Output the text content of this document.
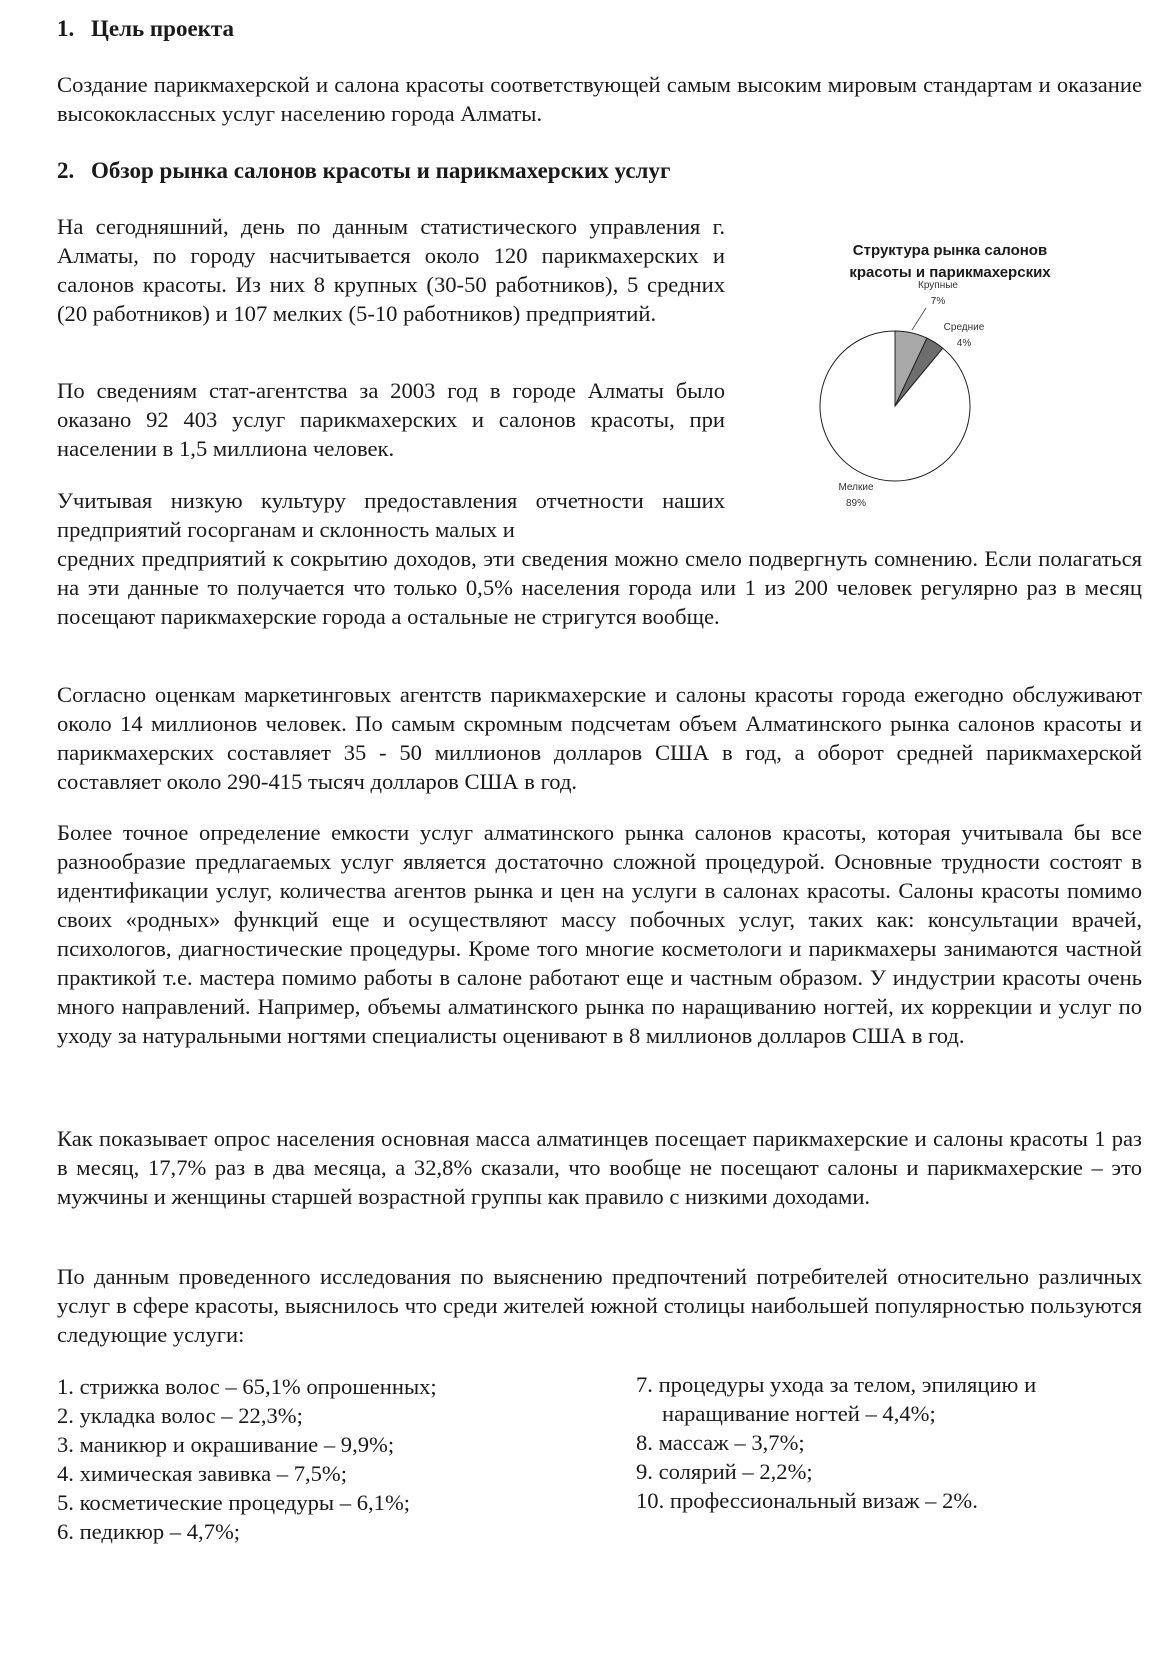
1. Цель проекта

Создание парикмахерской и салона красоты соответствующей самым высоким мировым стандартам и оказание высококлассных услуг населению города Алматы.

2. Обзор рынка салонов красоты и парикмахерских услуг

На сегодняшний, день по данным статистического управления г. Алматы, по городу насчитывается около 120 парикмахерских и салонов красоты. Из них 8 крупных (30-50 работников), 5 средних (20 работников) и 107 мелких (5-10 работников) предприятий.

По сведениям стат-агентства за 2003 год в городе Алматы было оказано 92 403 услуг парикмахерских и салонов красоты, при населении в 1,5 миллиона человек.

Учитывая низкую культуру предоставления отчетности наших предприятий госорганам и склонность малых и

средних предприятий к сокрытию доходов, эти сведения можно смело подвергнуть сомнению. Если полагаться на эти данные то получается что только 0,5% населения города или 1 из 200 человек регулярно раз в месяц посещают парикмахерские города а остальные не стригутся вообще.

Согласно оценкам маркетинговых агентств парикмахерские и салоны красоты города ежегодно обслуживают около 14 миллионов человек. По самым скромным подсчетам объем Алматинского рынка салонов красоты и парикмахерских составляет 35 - 50 миллионов долларов США в год, а оборот средней парикмахерской составляет около 290-415 тысяч долларов США в год.

Более точное определение емкости услуг алматинского рынка салонов красоты, которая учитывала бы все разнообразие предлагаемых услуг является достаточно сложной процедурой. Основные трудности состоят в идентификации услуг, количества агентов рынка и цен на услуги в салонах красоты. Салоны красоты помимо своих «родных» функций еще и осуществляют массу побочных услуг, таких как: консультации врачей, психологов, диагностические процедуры. Кроме того многие косметологи и парикмахеры занимаются частной практикой т.е. мастера помимо работы в салоне работают еще и частным образом. У индустрии красоты очень много направлений. Например, объемы алматинского рынка по наращиванию ногтей, их коррекции и услуг по уходу за натуральными ногтями специалисты оценивают в 8 миллионов долларов США в год.

Как показывает опрос населения основная масса алматинцев посещает парикмахерские и салоны красоты 1 раз в месяц, 17,7% раз в два месяца, а 32,8% сказали, что вообще не посещают салоны и парикмахерские – это мужчины и женщины старшей возрастной группы как правило с низкими доходами.

По данным проведенного исследования по выяснению предпочтений потребителей относительно различных услуг в сфере красоты, выяснилось что среди жителей южной столицы наибольшей популярностью пользуются следующие услуги:

1. стрижка волос – 65,1% опрошенных;
2. укладка волос – 22,3%;
3. маникюр и окрашивание – 9,9%;
4. химическая завивка – 7,5%;
5. косметические процедуры – 6,1%;
6. педикюр – 4,7%;
7. процедуры ухода за телом, эпиляцию и
наращивание ногтей – 4,4%;
8. массаж – 3,7%;
9. солярий – 2,2%;
10. профессиональный визаж – 2%.
Структура рынка салонов
красоты и парикмахерских
Крупные
7%
Средние
4%
Мелкие
89%
